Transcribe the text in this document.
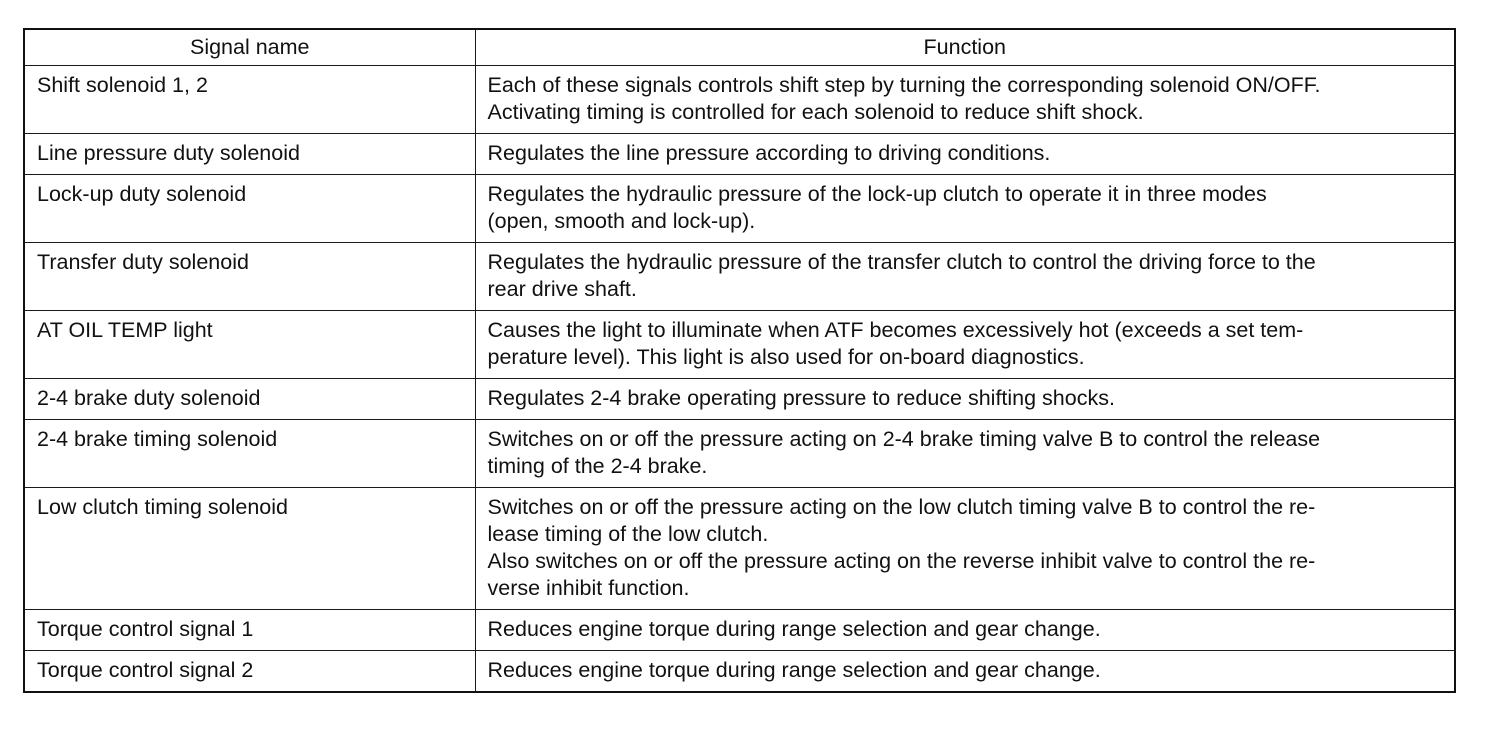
Signal name	Function
Shift solenoid 1, 2	Each of these signals controls shift step by turning the corresponding solenoid ON/OFF.
Activating timing is controlled for each solenoid to reduce shift shock.

Line pressure duty solenoid	Regulates the line pressure according to driving conditions.

Lock-up duty solenoid	Regulates the hydraulic pressure of the lock-up clutch to operate it in three modes
(open, smooth and lock-up).

Transfer duty solenoid	Regulates the hydraulic pressure of the transfer clutch to control the driving force to the
rear drive shaft.

AT OIL TEMP light	Causes the light to illuminate when ATF becomes excessively hot (exceeds a set tem-
perature level). This light is also used for on-board diagnostics.

2-4 brake duty solenoid	Regulates 2-4 brake operating pressure to reduce shifting shocks.

2-4 brake timing solenoid	Switches on or off the pressure acting on 2-4 brake timing valve B to control the release
timing of the 2-4 brake.

Low clutch timing solenoid	Switches on or off the pressure acting on the low clutch timing valve B to control the re-
lease timing of the low clutch.
Also switches on or off the pressure acting on the reverse inhibit valve to control the re-
verse inhibit function.

Torque control signal 1	Reduces engine torque during range selection and gear change.

Torque control signal 2	Reduces engine torque during range selection and gear change.
